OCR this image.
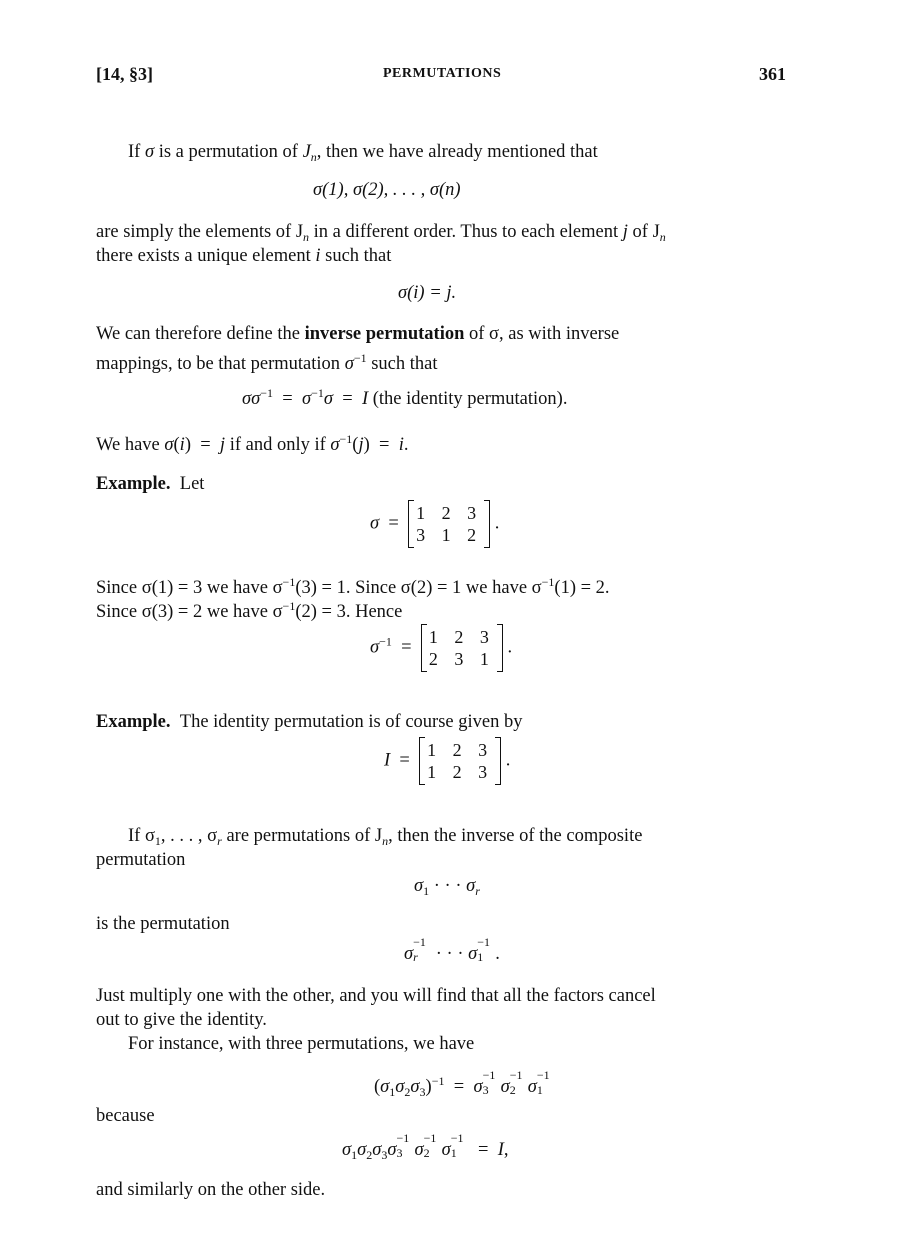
[14, §3]	PERMUTATIONS	361
If σ is a permutation of $J_n$, then we have already mentioned that
σ(1), σ(2), . . . , σ(n)
are simply the elements of $J_n$ in a different order. Thus to each element j of $J_n$
there exists a unique element i such that
σ(i) = j.
We can therefore define the inverse permutation of σ, as with inverse
mappings, to be that permutation $\sigma^{-1}$ such that
$\sigma\sigma^{-1} = \sigma^{-1}\sigma = I$ (the identity permutation).
We have σ(i)  =  j if and only if $\sigma^{-1}(j) = i$.
Example. Let
σ  =
1 2 3
3 1 2
.
Since σ(1) = 3 we have $\sigma^{-1}(3) = 1$. Since σ(2) = 1 we have $\sigma^{-1}(1) = 2$.
Since σ(3) = 2 we have $\sigma^{-1}(2) = 3$. Hence
$\sigma^{-1}$  =
1 2 3
2 3 1
.
Example. The identity permutation is of course given by
I  =
1 2 3
1 2 3
.
If $\sigma_1$, . . . , $\sigma_r$ are permutations of $J_n$, then the inverse of the composite
permutation
$\sigma_1$ · · · $\sigma_r$
is the permutation
σ
−1
r · · · σ
−1
1 .
Just multiply one with the other, and you will find that all the factors cancel
out to give the identity.
For instance, with three permutations, we have
$(\sigma_1\sigma_2\sigma_3)^{-1} = \sigma$
−1
3 σ
−1
2 σ
−1
1
because
$\sigma_1\sigma_2\sigma_3\sigma$
−1
3 σ
−1
2 σ
−1
1 =  I,
and similarly on the other side.
